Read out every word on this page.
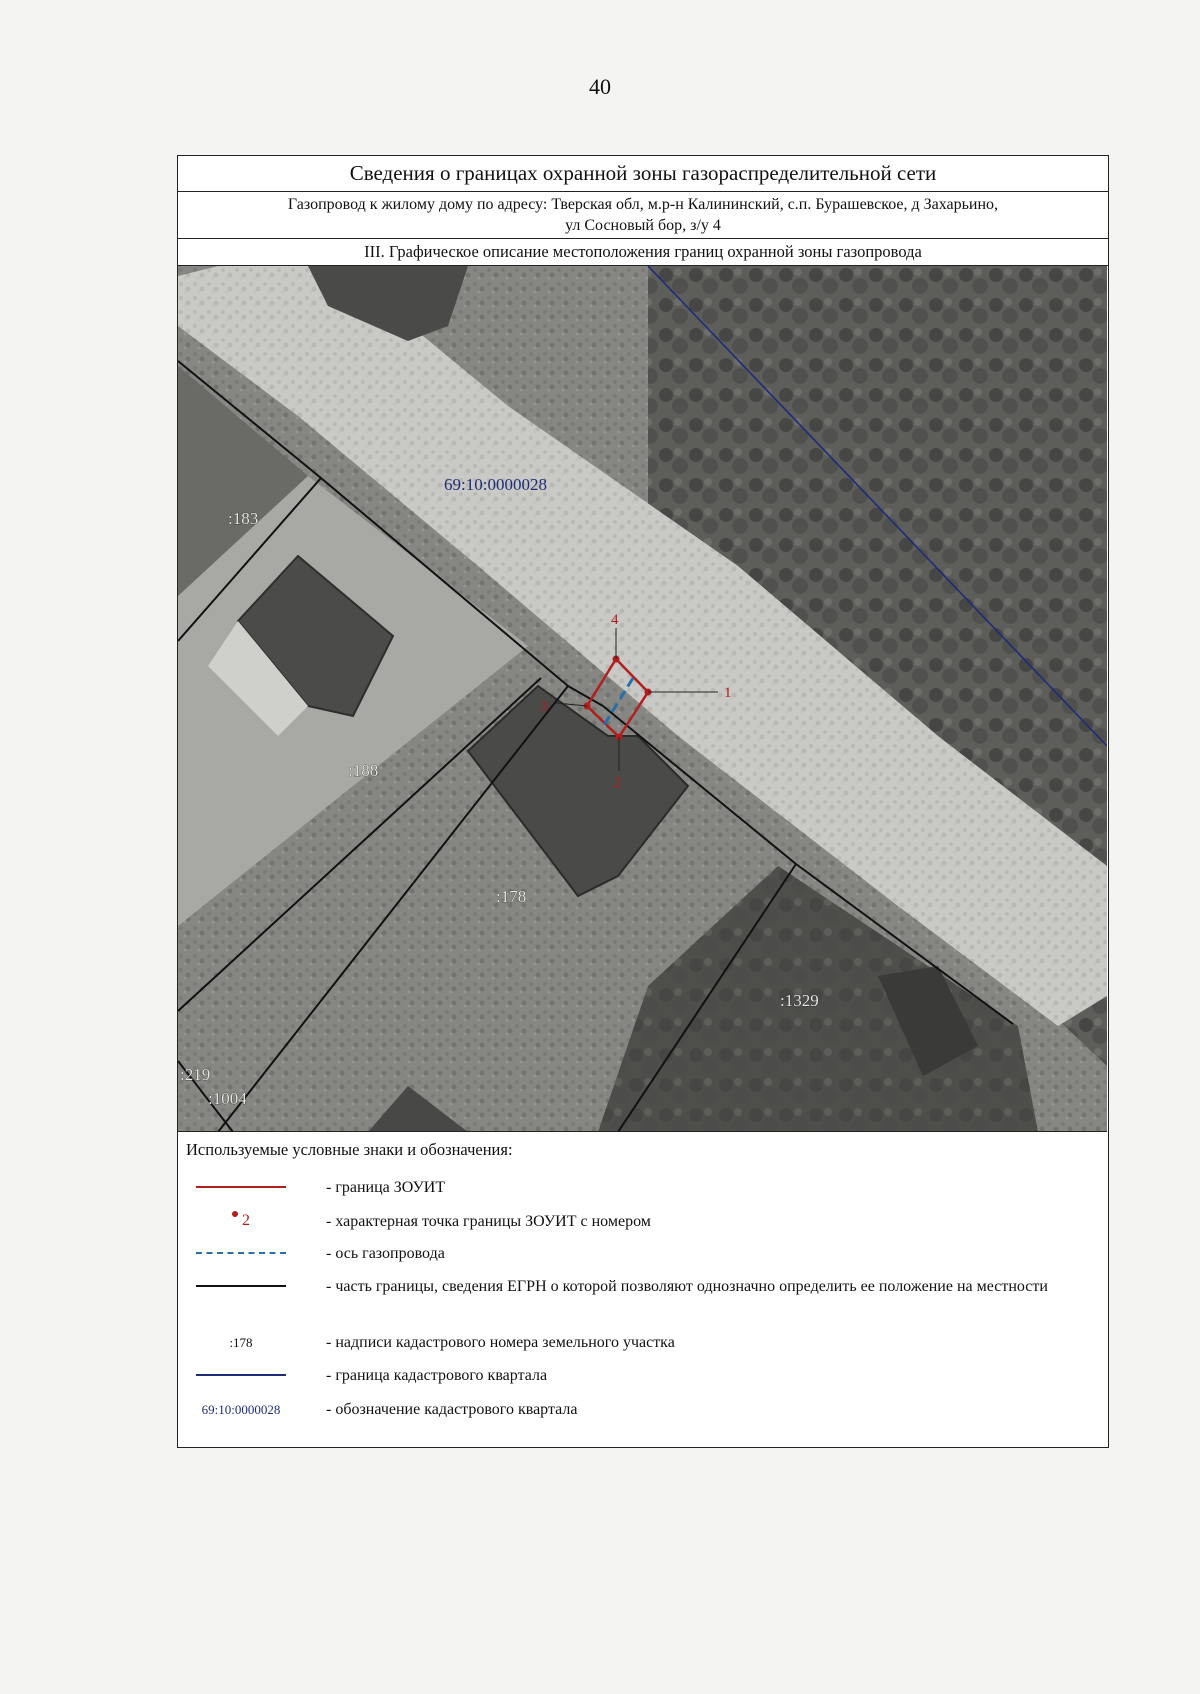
40
Сведения о границах охранной зоны газораспределительной сети
Газопровод к жилому дому по адресу: Тверская обл, м.р-н Калининский, с.п. Бурашевское, д Захарьино,
ул Сосновый бор, з/у 4
III. Графическое описание местоположения границ охранной зоны газопровода
1
2
3
4
69:10:0000028
:183
:188
:178
:1329
:219
:1004
Используемые условные знаки и обозначения:
- граница ЗОУИТ
2	- характерная точка границы ЗОУИТ с номером
- ось газопровода
- часть границы, сведения ЕГРН о которой позволяют однозначно определить ее положение на местности
:178	- надписи кадастрового номера земельного участка
- граница кадастрового квартала
69:10:0000028	- обозначение кадастрового квартала
